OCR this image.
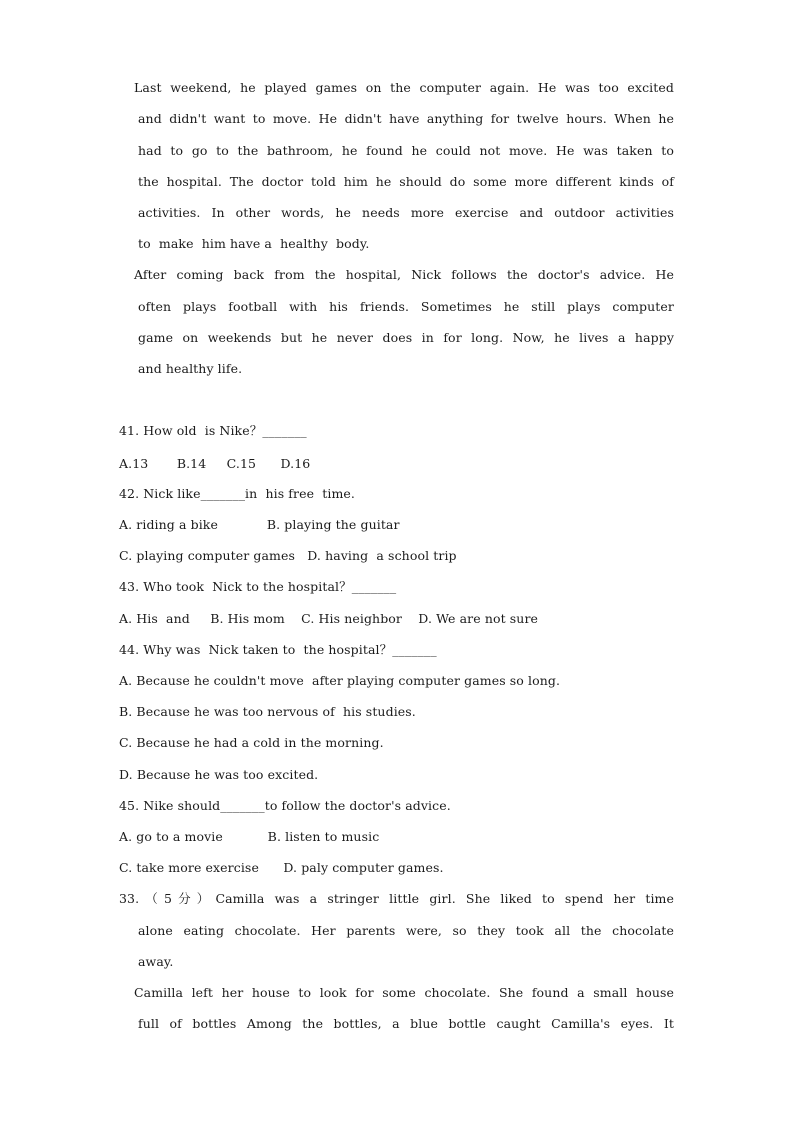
Last weekend, he played games on the computer again. He was too excited
and didn't want to move. He didn't have anything for twelve hours. When he
had to go to the bathroom, he found he could not move. He was taken to
the hospital. The doctor told him he should do some more different kinds of
activities. In other words, he needs more exercise and outdoor activities
to  make  him have a  healthy  body.
After coming back from the hospital, Nick follows the doctor's advice. He
often plays football with his friends. Sometimes he still plays computer
game on weekends but he never does in for long. Now, he lives a happy
and healthy life.
41. How old  is Nike？_______
A.13       B.14     C.15      D.16
42. Nick like_______in  his free  time.
A. riding a bike            B. playing the guitar
C. playing computer games   D. having  a school trip
43. Who took  Nick to the hospital？_______
A. His  and     B. His mom    C. His neighbor    D. We are not sure
44. Why was  Nick taken to  the hospital？_______
A. Because he couldn't move  after playing computer games so long.
B. Because he was too nervous of  his studies.
C. Because he had a cold in the morning.
D. Because he was too excited.
45. Nike should_______to follow the doctor's advice.
A. go to a movie           B. listen to music
C. take more exercise      D. paly computer games.
33.（5分）Camilla was a stringer little girl. She liked to spend her time
alone eating chocolate. Her parents were, so they took all the chocolate
away.
Camilla left her house to look for some chocolate. She found a small house
full of bottles Among the bottles, a blue bottle caught Camilla's eyes. It
